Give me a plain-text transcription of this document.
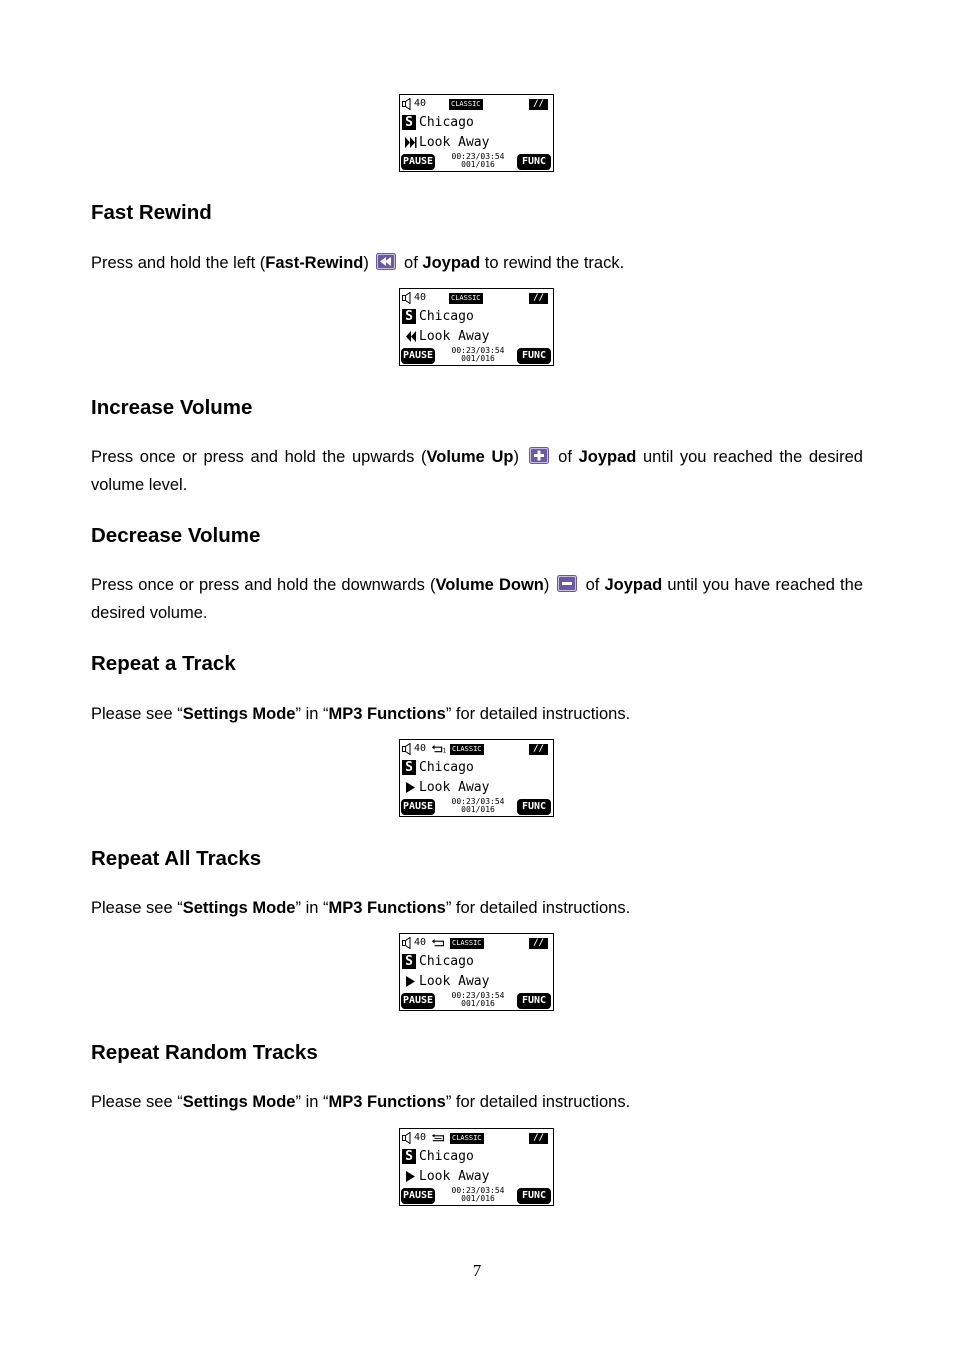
40	CLASSIC	//
S Chicago
Look Away
PAUSE	00:23/03:54
001/016	FUNC
Fast Rewind

Press and hold the left (Fast-Rewind)  of Joypad to rewind the track.

40	CLASSIC	//
S Chicago
Look Away
PAUSE	00:23/03:54
001/016	FUNC
Increase Volume

Press once or press and hold the upwards (Volume Up)  of Joypad until you reached the desired volume level.

Decrease Volume

Press once or press and hold the downwards (Volume Down)  of Joypad until you have reached the desired volume.

Repeat a Track

Please see “Settings Mode” in “MP3 Functions” for detailed instructions.

40 1 CLASSIC	//
S Chicago
Look Away
PAUSE	00:23/03:54
001/016	FUNC
Repeat All Tracks

Please see “Settings Mode” in “MP3 Functions” for detailed instructions.

40	CLASSIC	//
S Chicago
Look Away
PAUSE	00:23/03:54
001/016	FUNC
Repeat Random Tracks

Please see “Settings Mode” in “MP3 Functions” for detailed instructions.

40	CLASSIC	//
S Chicago
Look Away
PAUSE	00:23/03:54
001/016	FUNC
7
